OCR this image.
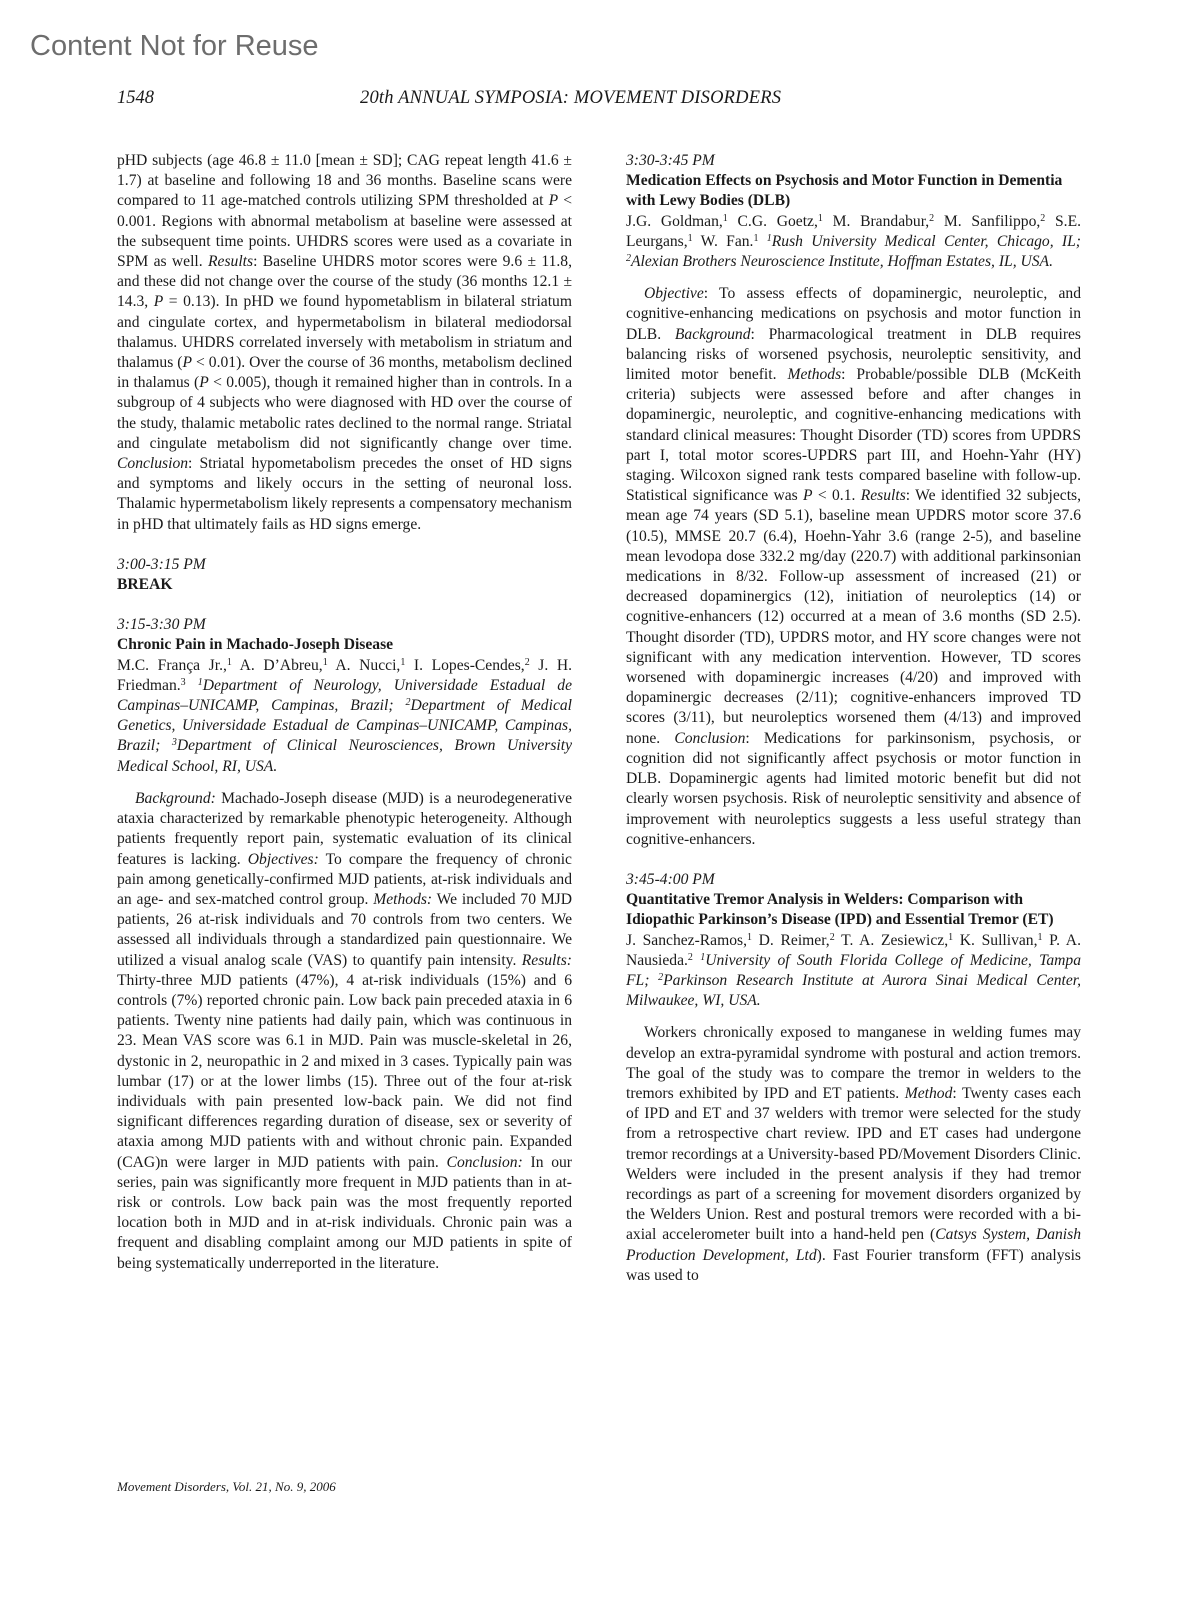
Content Not for Reuse
1548	20th ANNUAL SYMPOSIA: MOVEMENT DISORDERS

pHD subjects (age 46.8 ± 11.0 [mean ± SD]; CAG repeat length 41.6 ± 1.7) at baseline and following 18 and 36 months. Baseline scans were compared to 11 age-matched controls utilizing SPM thresholded at P < 0.001. Regions with abnormal metabolism at baseline were assessed at the subsequent time points. UHDRS scores were used as a covariate in SPM as well. Results: Baseline UHDRS motor scores were 9.6 ± 11.8, and these did not change over the course of the study (36 months 12.1 ± 14.3, P = 0.13). In pHD we found hypometablism in bilateral striatum and cingulate cortex, and hypermetabolism in bilateral mediodorsal thalamus. UHDRS correlated inversely with metabolism in striatum and thalamus (P < 0.01). Over the course of 36 months, metabolism declined in thalamus (P < 0.005), though it remained higher than in controls. In a subgroup of 4 subjects who were diagnosed with HD over the course of the study, thalamic metabolic rates declined to the normal range. Striatal and cingulate metabolism did not significantly change over time. Conclusion: Striatal hypometabolism precedes the onset of HD signs and symptoms and likely occurs in the setting of neuronal loss. Thalamic hypermetabolism likely represents a compensatory mechanism in pHD that ultimately fails as HD signs emerge.

3:00-3:15 PM

BREAK

3:15-3:30 PM

Chronic Pain in Machado-Joseph Disease

M.C. França Jr.,$^1$ A. D’Abreu,$^1$ A. Nucci,$^1$ I. Lopes-Cendes,$^2$ J. H. Friedman.$^3$ $^1$Department of Neurology, Universidade Estadual de Campinas–UNICAMP, Campinas, Brazil; $^2$Department of Medical Genetics, Universidade Estadual de Campinas–UNICAMP, Campinas, Brazil; $^3$Department of Clinical Neurosciences, Brown University Medical School, RI, USA.

Background: Machado-Joseph disease (MJD) is a neurodegenerative ataxia characterized by remarkable phenotypic heterogeneity. Although patients frequently report pain, systematic evaluation of its clinical features is lacking. Objectives: To compare the frequency of chronic pain among genetically-confirmed MJD patients, at-risk individuals and an age- and sex-matched control group. Methods: We included 70 MJD patients, 26 at-risk individuals and 70 controls from two centers. We assessed all individuals through a standardized pain questionnaire. We utilized a visual analog scale (VAS) to quantify pain intensity. Results: Thirty-three MJD patients (47%), 4 at-risk individuals (15%) and 6 controls (7%) reported chronic pain. Low back pain preceded ataxia in 6 patients. Twenty nine patients had daily pain, which was continuous in 23. Mean VAS score was 6.1 in MJD. Pain was muscle-skeletal in 26, dystonic in 2, neuropathic in 2 and mixed in 3 cases. Typically pain was lumbar (17) or at the lower limbs (15). Three out of the four at-risk individuals with pain presented low-back pain. We did not find significant differences regarding duration of disease, sex or severity of ataxia among MJD patients with and without chronic pain. Expanded (CAG)n were larger in MJD patients with pain. Conclusion: In our series, pain was significantly more frequent in MJD patients than in at-risk or controls. Low back pain was the most frequently reported location both in MJD and in at-risk individuals. Chronic pain was a frequent and disabling complaint among our MJD patients in spite of being systematically underreported in the literature.

3:30-3:45 PM

Medication Effects on Psychosis and Motor Function in Dementia with Lewy Bodies (DLB)

J.G. Goldman,$^1$ C.G. Goetz,$^1$ M. Brandabur,$^2$ M. Sanfilippo,$^2$ S.E. Leurgans,$^1$ W. Fan.$^1$ $^1$Rush University Medical Center, Chicago, IL; $^2$Alexian Brothers Neuroscience Institute, Hoffman Estates, IL, USA.

Objective: To assess effects of dopaminergic, neuroleptic, and cognitive-enhancing medications on psychosis and motor function in DLB. Background: Pharmacological treatment in DLB requires balancing risks of worsened psychosis, neuroleptic sensitivity, and limited motor benefit. Methods: Probable/possible DLB (McKeith criteria) subjects were assessed before and after changes in dopaminergic, neuroleptic, and cognitive-enhancing medications with standard clinical measures: Thought Disorder (TD) scores from UPDRS part I, total motor scores-UPDRS part III, and Hoehn-Yahr (HY) staging. Wilcoxon signed rank tests compared baseline with follow-up. Statistical significance was P < 0.1. Results: We identified 32 subjects, mean age 74 years (SD 5.1), baseline mean UPDRS motor score 37.6 (10.5), MMSE 20.7 (6.4), Hoehn-Yahr 3.6 (range 2-5), and baseline mean levodopa dose 332.2 mg/day (220.7) with additional parkinsonian medications in 8/32. Follow-up assessment of increased (21) or decreased dopaminergics (12), initiation of neuroleptics (14) or cognitive-enhancers (12) occurred at a mean of 3.6 months (SD 2.5). Thought disorder (TD), UPDRS motor, and HY score changes were not significant with any medication intervention. However, TD scores worsened with dopaminergic increases (4/20) and improved with dopaminergic decreases (2/11); cognitive-enhancers improved TD scores (3/11), but neuroleptics worsened them (4/13) and improved none. Conclusion: Medications for parkinsonism, psychosis, or cognition did not significantly affect psychosis or motor function in DLB. Dopaminergic agents had limited motoric benefit but did not clearly worsen psychosis. Risk of neuroleptic sensitivity and absence of improvement with neuroleptics suggests a less useful strategy than cognitive-enhancers.

3:45-4:00 PM

Quantitative Tremor Analysis in Welders: Comparison with Idiopathic Parkinson’s Disease (IPD) and Essential Tremor (ET)

J. Sanchez-Ramos,$^1$ D. Reimer,$^2$ T. A. Zesiewicz,$^1$ K. Sullivan,$^1$ P. A. Nausieda.$^2$ $^1$University of South Florida College of Medicine, Tampa FL; $^2$Parkinson Research Institute at Aurora Sinai Medical Center, Milwaukee, WI, USA.

Workers chronically exposed to manganese in welding fumes may develop an extra-pyramidal syndrome with postural and action tremors. The goal of the study was to compare the tremor in welders to the tremors exhibited by IPD and ET patients. Method: Twenty cases each of IPD and ET and 37 welders with tremor were selected for the study from a retrospective chart review. IPD and ET cases had undergone tremor recordings at a University-based PD/Movement Disorders Clinic. Welders were included in the present analysis if they had tremor recordings as part of a screening for movement disorders organized by the Welders Union. Rest and postural tremors were recorded with a bi-axial accelerometer built into a hand-held pen (Catsys System, Danish Production Development, Ltd). Fast Fourier transform (FFT) analysis was used to

Movement Disorders, Vol. 21, No. 9, 2006
